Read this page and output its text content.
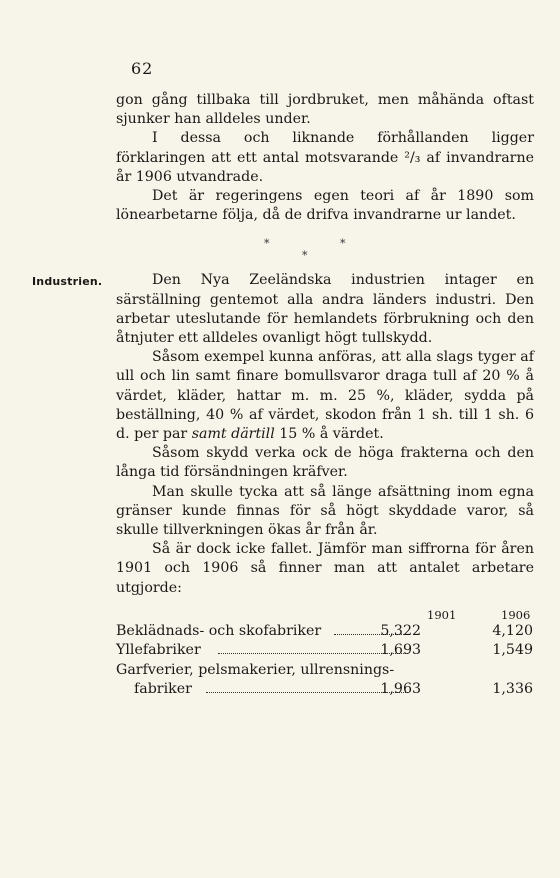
62

gon gång tillbaka till jordbruket, men måhända oftast sjunker han alldeles under.

I dessa och liknande förhållanden ligger förklaringen att ett antal motsvarande ²/₃ af invandrarne år 1906 utvandrade.

Det är regeringens egen teori af år 1890 som lönearbetarne följa, då de drifva invandrarne ur landet.

*	*
*
Industrien.	Den Nya Zeeländska industrien intager en särställning gentemot alla andra länders industri. Den arbetar uteslutande för hemlandets förbrukning och den åtnjuter ett alldeles ovanligt högt tullskydd.

Såsom exempel kunna anföras, att alla slags tyger af ull och lin samt finare bomullsvaror draga tull af 20 % å värdet, kläder, hattar m. m. 25 %, kläder, sydda på beställning, 40 % af värdet, skodon från 1 sh. till 1 sh. 6 d. per par samt därtill 15 % å värdet.

Såsom skydd verka ock de höga frakterna och den långa tid försändningen kräfver.

Man skulle tycka att så länge afsättning inom egna gränser kunde finnas för så högt skyddade varor, så skulle tillverkningen ökas år från år.

Så är dock icke fallet. Jämför man siffrorna för åren 1901 och 1906 så finner man att antalet arbetare utgjorde:

1901	1906
Beklädnads- och skofabriker	5,322	4,120
Yllefabriker	1,693	1,549
Garfverier, pelsmakerier, ullrensnings-
fabriker	1,963	1,336
